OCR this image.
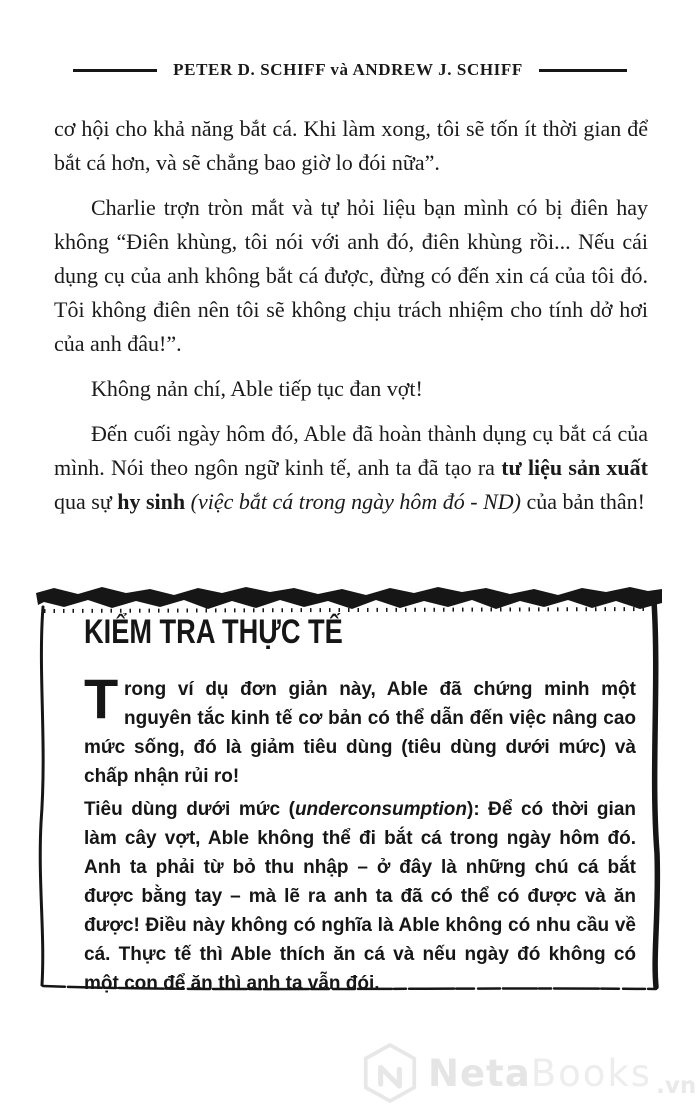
PETER D. SCHIFF và ANDREW J. SCHIFF

cơ hội cho khả năng bắt cá. Khi làm xong, tôi sẽ tốn ít thời gian để bắt cá hơn, và sẽ chẳng bao giờ lo đói nữa”.

Charlie trợn tròn mắt và tự hỏi liệu bạn mình có bị điên hay không “Điên khùng, tôi nói với anh đó, điên khùng rồi... Nếu cái dụng cụ của anh không bắt cá được, đừng có đến xin cá của tôi đó. Tôi không điên nên tôi sẽ không chịu trách nhiệm cho tính dở hơi của anh đâu!”.

Không nản chí, Able tiếp tục đan vợt!

Đến cuối ngày hôm đó, Able đã hoàn thành dụng cụ bắt cá của mình. Nói theo ngôn ngữ kinh tế, anh ta đã tạo ra tư liệu sản xuất qua sự hy sinh (việc bắt cá trong ngày hôm đó - ND) của bản thân!

KIỂM TRA THỰC TẾ

Trong ví dụ đơn giản này, Able đã chứng minh một nguyên tắc kinh tế cơ bản có thể dẫn đến việc nâng cao mức sống, đó là giảm tiêu dùng (tiêu dùng dưới mức) và chấp nhận rủi ro!

Tiêu dùng dưới mức (underconsumption): Để có thời gian làm cây vợt, Able không thể đi bắt cá trong ngày hôm đó. Anh ta phải từ bỏ thu nhập – ở đây là những chú cá bắt được bằng tay – mà lẽ ra anh ta đã có thể có được và ăn được! Điều này không có nghĩa là Able không có nhu cầu về cá. Thực tế thì Able thích ăn cá và nếu ngày đó không có một con để ăn thì anh ta vẫn đói.

Neta Books .vn
